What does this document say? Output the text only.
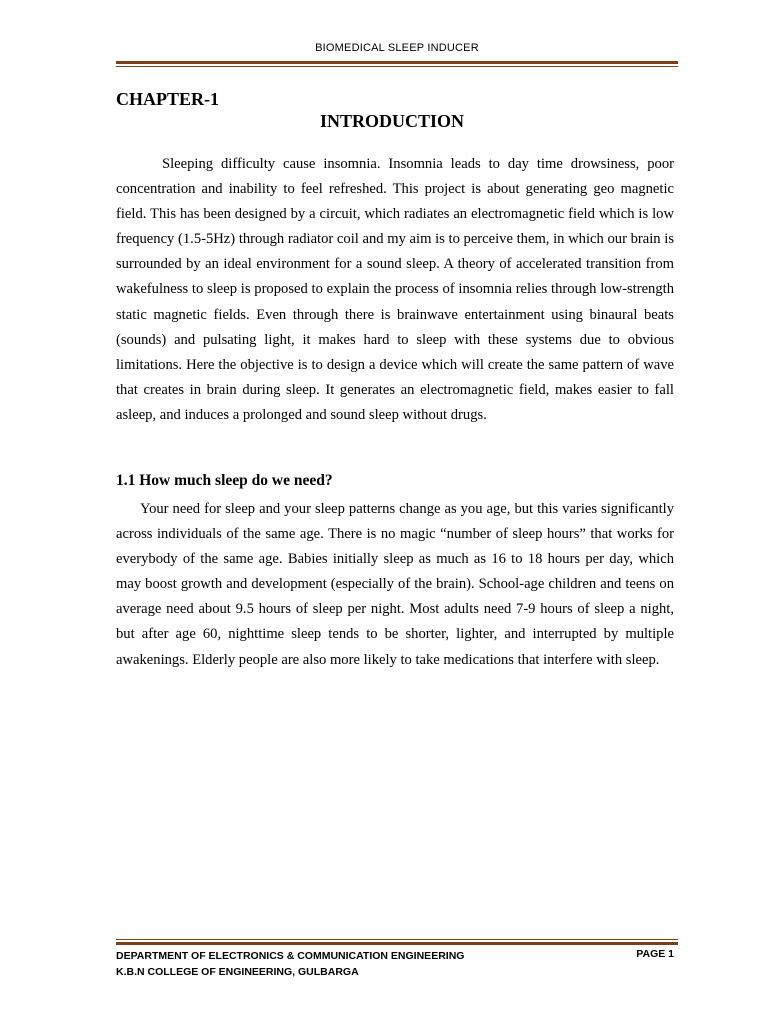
BIOMEDICAL SLEEP INDUCER
CHAPTER-1
INTRODUCTION

Sleeping difficulty cause insomnia. Insomnia leads to day time drowsiness, poor concentration and inability to feel refreshed. This project is about generating geo magnetic field. This has been designed by a circuit, which radiates an electromagnetic field which is low frequency (1.5-5Hz) through radiator coil and my aim is to perceive them, in which our brain is surrounded by an ideal environment for a sound sleep. A theory of accelerated transition from wakefulness to sleep is proposed to explain the process of insomnia relies through low-strength static magnetic fields. Even through there is brainwave entertainment using binaural beats (sounds) and pulsating light, it makes hard to sleep with these systems due to obvious limitations. Here the objective is to design a device which will create the same pattern of wave that creates in brain during sleep. It generates an electromagnetic field, makes easier to fall asleep, and induces a prolonged and sound sleep without drugs.

1.1 How much sleep do we need?

Your need for sleep and your sleep patterns change as you age, but this varies significantly across individuals of the same age. There is no magic “number of sleep hours” that works for everybody of the same age. Babies initially sleep as much as 16 to 18 hours per day, which may boost growth and development (especially of the brain). School-age children and teens on average need about 9.5 hours of sleep per night. Most adults need 7-9 hours of sleep a night, but after age 60, nighttime sleep tends to be shorter, lighter, and interrupted by multiple awakenings. Elderly people are also more likely to take medications that interfere with sleep.

DEPARTMENT OF ELECTRONICS & COMMUNICATION ENGINEERING
K.B.N COLLEGE OF ENGINEERING, GULBARGA
PAGE 1
